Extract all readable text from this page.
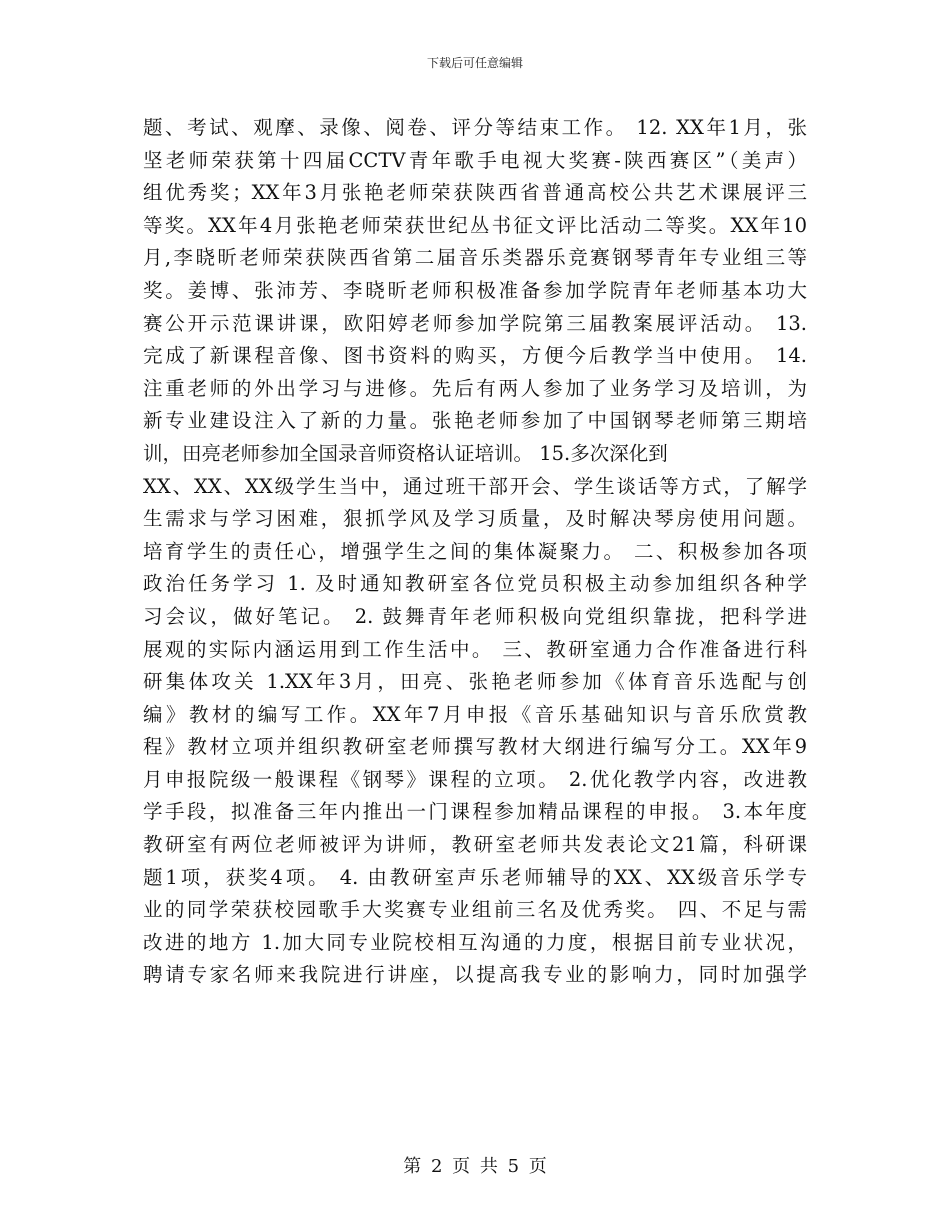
下载后可任意编辑
题、考试、观摩、录像、阅卷、评分等结束工作。 12. XX年1月，张
坚老师荣获第十四届CCTV青年歌手电视大奖赛-陕西赛区”（美声）
组优秀奖；XX年3月张艳老师荣获陕西省普通高校公共艺术课展评三
等奖。XX年4月张艳老师荣获世纪丛书征文评比活动二等奖。XX年10
月,李晓昕老师荣获陕西省第二届音乐类器乐竞赛钢琴青年专业组三等
奖。姜博、张沛芳、李晓昕老师积极准备参加学院青年老师基本功大
赛公开示范课讲课，欧阳婷老师参加学院第三届教案展评活动。 13.
完成了新课程音像、图书资料的购买，方便今后教学当中使用。 14.
注重老师的外出学习与进修。先后有两人参加了业务学习及培训，为
新专业建设注入了新的力量。张艳老师参加了中国钢琴老师第三期培
训，田亮老师参加全国录音师资格认证培训。 15.多次深化到
XX、XX、XX级学生当中，通过班干部开会、学生谈话等方式，了解学
生需求与学习困难，狠抓学风及学习质量，及时解决琴房使用问题。
培育学生的责任心，增强学生之间的集体凝聚力。 二、积极参加各项
政治任务学习 1. 及时通知教研室各位党员积极主动参加组织各种学
习会议，做好笔记。 2. 鼓舞青年老师积极向党组织靠拢，把科学进
展观的实际内涵运用到工作生活中。 三、教研室通力合作准备进行科
研集体攻关 1.XX年3月，田亮、张艳老师参加《体育音乐选配与创
编》教材的编写工作。XX年7月申报《音乐基础知识与音乐欣赏教
程》教材立项并组织教研室老师撰写教材大纲进行编写分工。XX年9
月申报院级一般课程《钢琴》课程的立项。 2.优化教学内容，改进教
学手段，拟准备三年内推出一门课程参加精品课程的申报。 3.本年度
教研室有两位老师被评为讲师，教研室老师共发表论文21篇，科研课
题1项，获奖4项。 4. 由教研室声乐老师辅导的XX、XX级音乐学专
业的同学荣获校园歌手大奖赛专业组前三名及优秀奖。 四、不足与需
改进的地方 1.加大同专业院校相互沟通的力度，根据目前专业状况，
聘请专家名师来我院进行讲座，以提高我专业的影响力，同时加强学
第 2 页 共 5 页
